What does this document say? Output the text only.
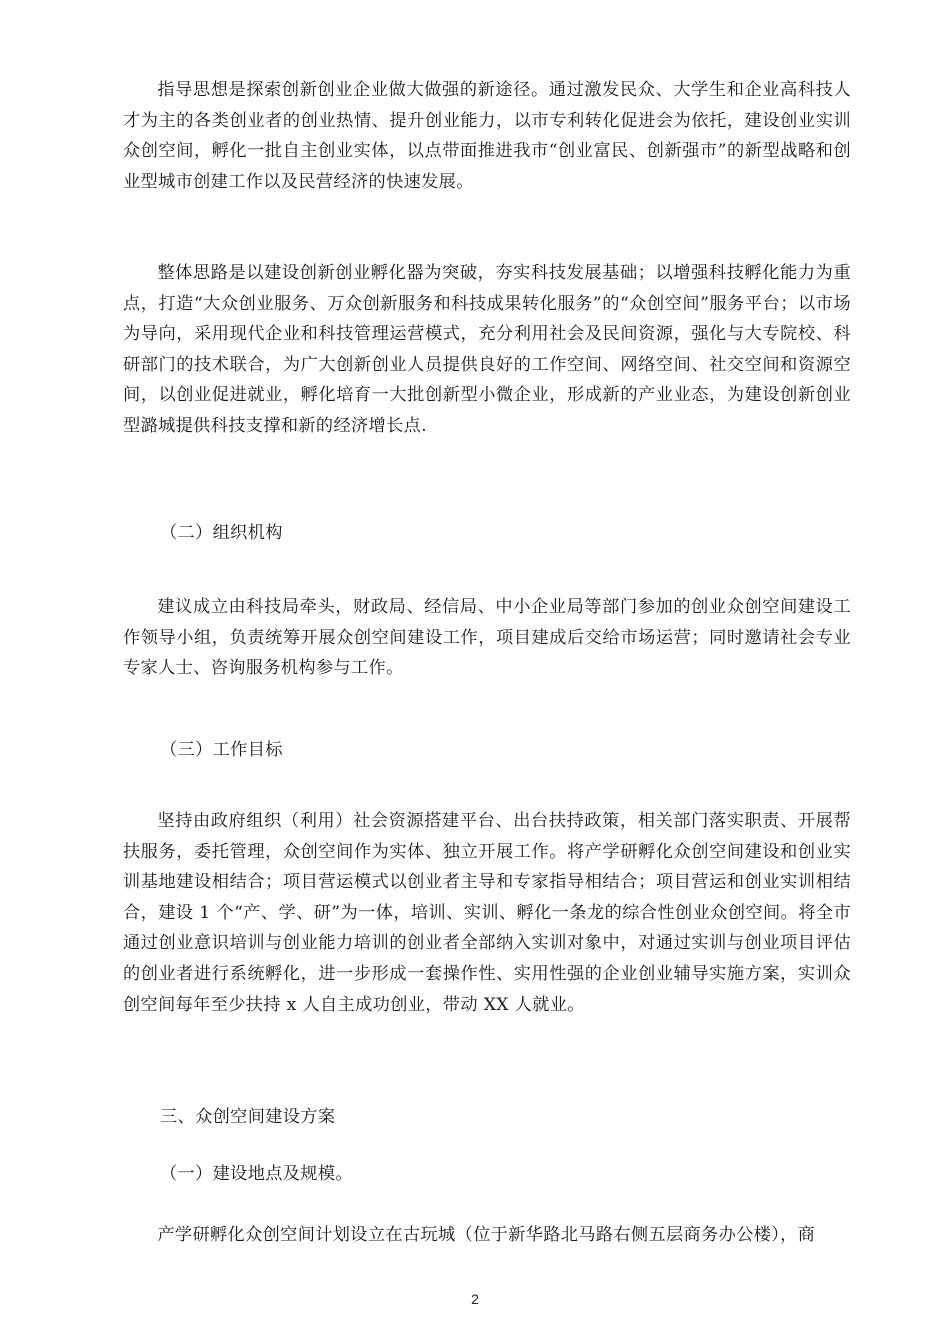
指导思想是探索创新创业企业做大做强的新途径。通过激发民众、大学生和企业高科技人才为主的各类创业者的创业热情、提升创业能力，以市专利转化促进会为依托，建设创业实训众创空间，孵化一批自主创业实体，以点带面推进我市“创业富民、创新强市”的新型战略和创业型城市创建工作以及民营经济的快速发展。

整体思路是以建设创新创业孵化器为突破，夯实科技发展基础；以增强科技孵化能力为重点，打造“大众创业服务、万众创新服务和科技成果转化服务”的“众创空间”服务平台；以市场为导向，采用现代企业和科技管理运营模式，充分利用社会及民间资源，强化与大专院校、科研部门的技术联合，为广大创新创业人员提供良好的工作空间、网络空间、社交空间和资源空间，以创业促进就业，孵化培育一大批创新型小微企业，形成新的产业业态，为建设创新创业型潞城提供科技支撑和新的经济增长点.

（二）组织机构

建议成立由科技局牵头，财政局、经信局、中小企业局等部门参加的创业众创空间建设工作领导小组，负责统筹开展众创空间建设工作，项目建成后交给市场运营；同时邀请社会专业专家人士、咨询服务机构参与工作。

（三）工作目标

坚持由政府组织（利用）社会资源搭建平台、出台扶持政策，相关部门落实职责、开展帮扶服务，委托管理，众创空间作为实体、独立开展工作。将产学研孵化众创空间建设和创业实训基地建设相结合；项目营运模式以创业者主导和专家指导相结合；项目营运和创业实训相结合，建设 1 个“产、学、研”为一体，培训、实训、孵化一条龙的综合性创业众创空间。将全市通过创业意识培训与创业能力培训的创业者全部纳入实训对象中，对通过实训与创业项目评估的创业者进行系统孵化，进一步形成一套操作性、实用性强的企业创业辅导实施方案，实训众创空间每年至少扶持 x 人自主成功创业，带动 XX 人就业。

三、众创空间建设方案

（一）建设地点及规模。

产学研孵化众创空间计划设立在古玩城（位于新华路北马路右侧五层商务办公楼），商

2
